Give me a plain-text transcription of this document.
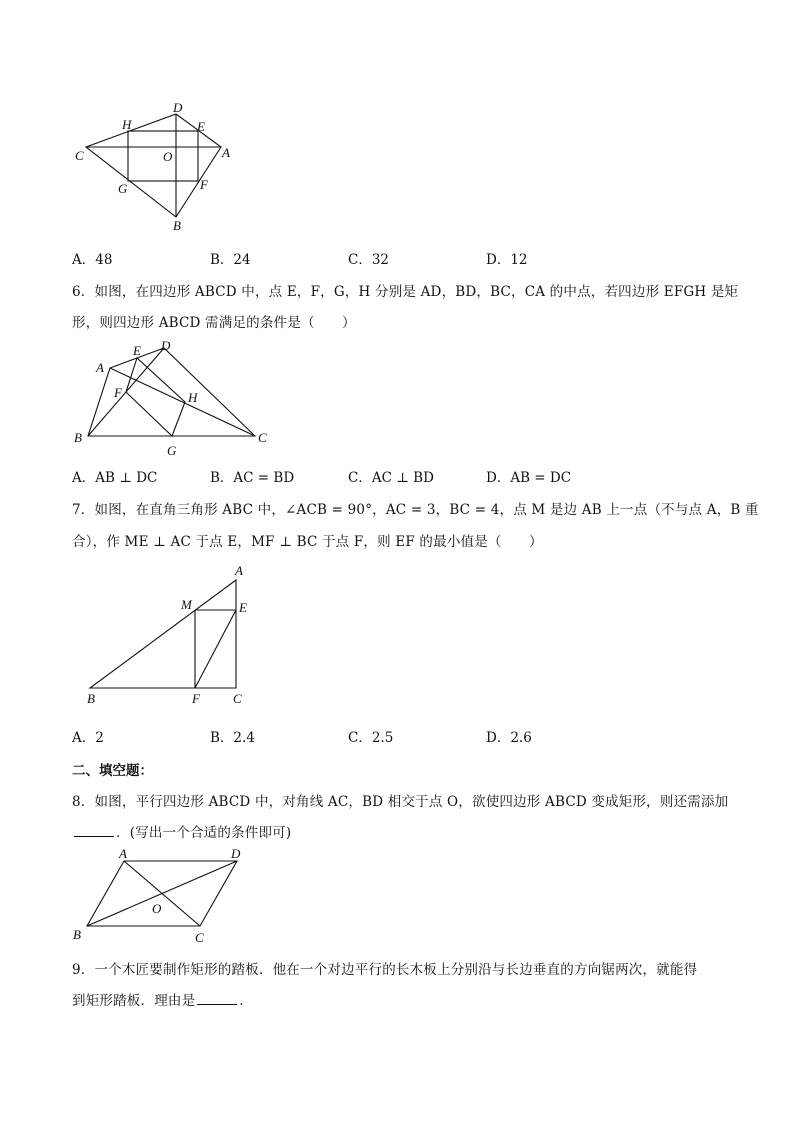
D
H	E
C	O	A
G	F
B
A．48	B．24	C．32	D．12
6．如图，在四边形 ABCD 中，点 E，F，G，H 分别是 AD，BD，BC，CA 的中点，若四边形 EFGH 是矩
形，则四边形 ABCD 需满足的条件是（　　）
A
E D
F	H
B
G
C
A．AB ⊥ DC	B．AC = BD	C．AC ⊥ BD	D．AB = DC
7．如图，在直角三角形 ABC 中，∠ACB = 90°，AC = 3，BC = 4，点 M 是边 AB 上一点（不与点 A，B 重
合），作 ME ⊥ AC 于点 E，MF ⊥ BC 于点 F，则 EF 的最小值是（　　）
A
M	E
B	F	C
A．2	B．2.4	C．2.5	D．2.6
二、填空题：
8．如图，平行四边形 ABCD 中，对角线 AC，BD 相交于点 O，欲使四边形 ABCD 变成矩形，则还需添加
．(写出一个合适的条件即可)
A	D
O
B	C
9．一个木匠要制作矩形的踏板．他在一个对边平行的长木板上分别沿与长边垂直的方向锯两次，就能得
到矩形踏板．理由是	．
